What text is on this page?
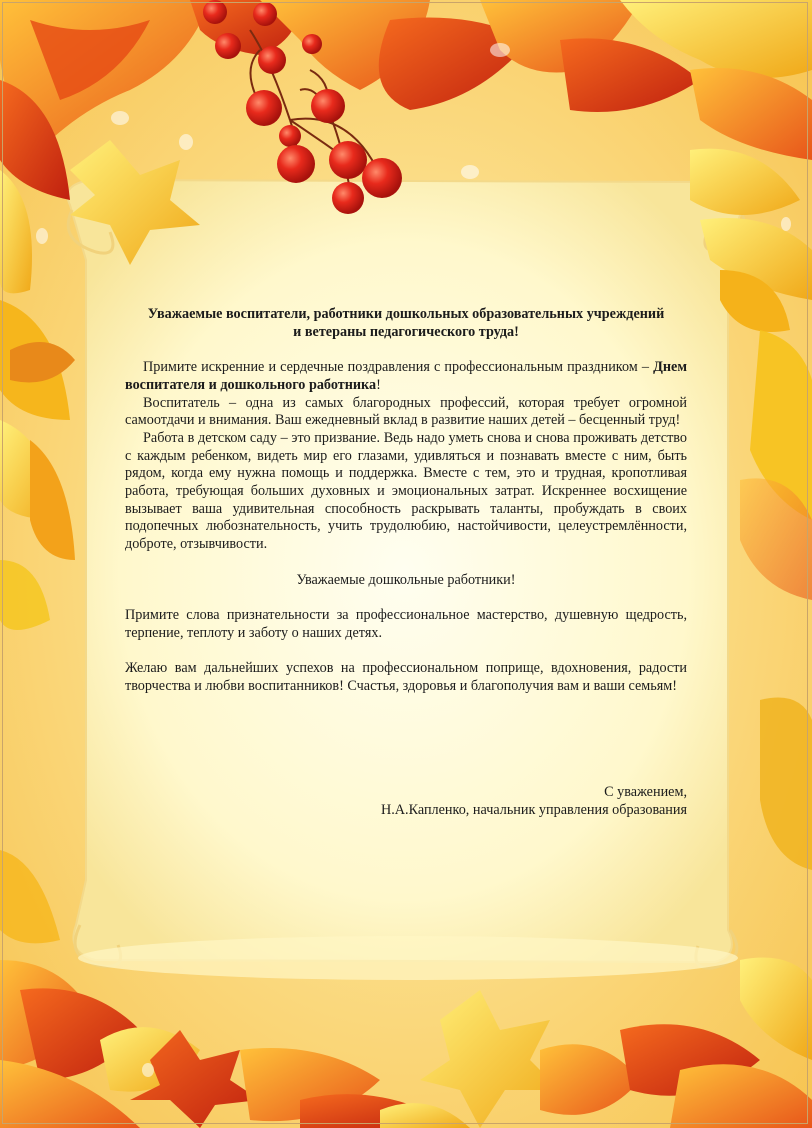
Уважаемые воспитатели, работники дошкольных образовательных учреждений
и ветераны педагогического труда!

Примите искренние и сердечные поздравления с профессиональным праздником – Днем воспитателя и дошкольного работника!

Воспитатель – одна из самых благородных профессий, которая требует огромной самоотдачи и внимания. Ваш ежедневный вклад в развитие наших детей – бесценный труд!

Работа в детском саду – это призвание. Ведь надо уметь снова и снова проживать детство с каждым ребенком, видеть мир его глазами, удивляться и познавать вместе с ним, быть рядом, когда ему нужна помощь и поддержка. Вместе с тем, это и трудная, кропотливая работа, требующая больших духовных и эмоциональных затрат. Искреннее восхищение вызывает ваша удивительная способность раскрывать таланты, пробуждать в своих подопечных любознательность, учить трудолюбию, настойчивости, целеустремлённости, доброте, отзывчивости.

Уважаемые дошкольные работники!

Примите слова признательности за профессиональное мастерство, душевную щедрость, терпение, теплоту и заботу о наших детях.

Желаю вам дальнейших успехов на профессиональном поприще, вдохновения, радости творчества и любви воспитанников! Счастья, здоровья и благополучия вам и ваши семьям!

С уважением,

Н.А.Капленко, начальник управления образования
